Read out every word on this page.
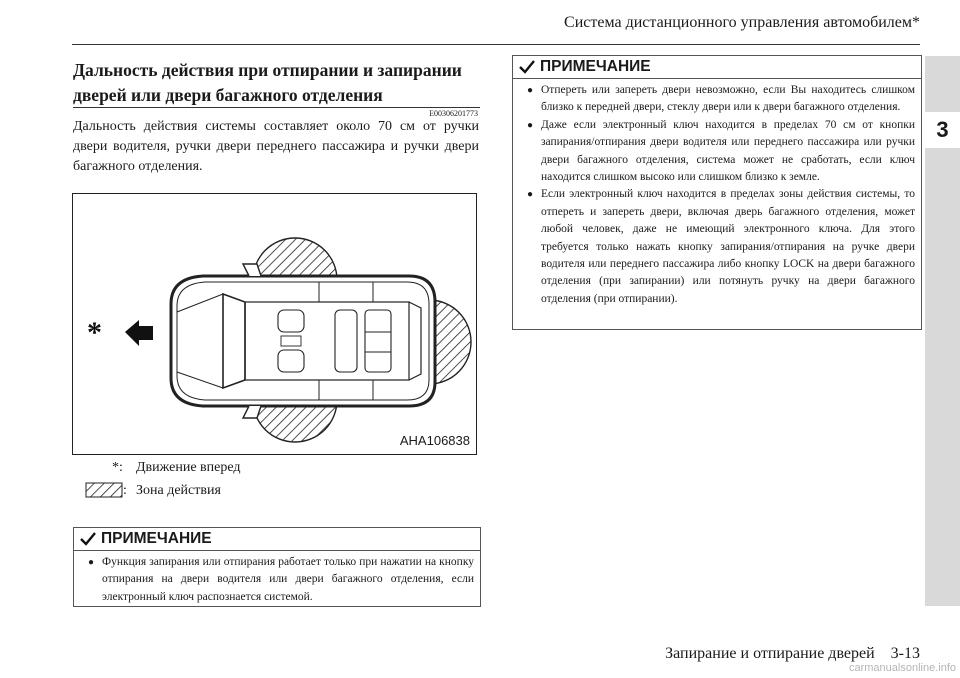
Система дистанционного управления автомобилем*
3
Дальность действия при отпирании и запирании дверей или двери багажного отделения
E00306201773
Дальность действия системы составляет около 70 см от ручки двери водителя, ручки двери переднего пассажира и ручки двери багажного отделения.
*
AHA106838
*: Движение вперед
: Зона действия
ПРИМЕЧАНИЕ
● Функция запирания или отпирания работает только при нажатии на кнопку отпирания на двери водителя или двери багажного отделения, если электронный ключ распознается системой.
ПРИМЕЧАНИЕ
● Отпереть или запереть двери невозможно, если Вы находитесь слишком близко к передней двери, стеклу двери или к двери багажного отделения.
● Даже если электронный ключ находится в пределах 70 см от кнопки запирания/отпирания двери водителя или переднего пассажира или ручки двери багажного отделения, система может не сработать, если ключ находится слишком высоко или слишком близко к земле.
● Если электронный ключ находится в пределах зоны действия системы, то отпереть и запереть двери, включая дверь багажного отделения, может любой человек, даже не имеющий электронного ключа. Для этого требуется только нажать кнопку запирания/отпирания на ручке двери водителя или переднего пассажира либо кнопку LOCK на двери багажного отделения (при запирании) или потянуть ручку на двери багажного отделения (при отпирании).
Запирание и отпирание дверей    3-13
carmanualsonline.info
